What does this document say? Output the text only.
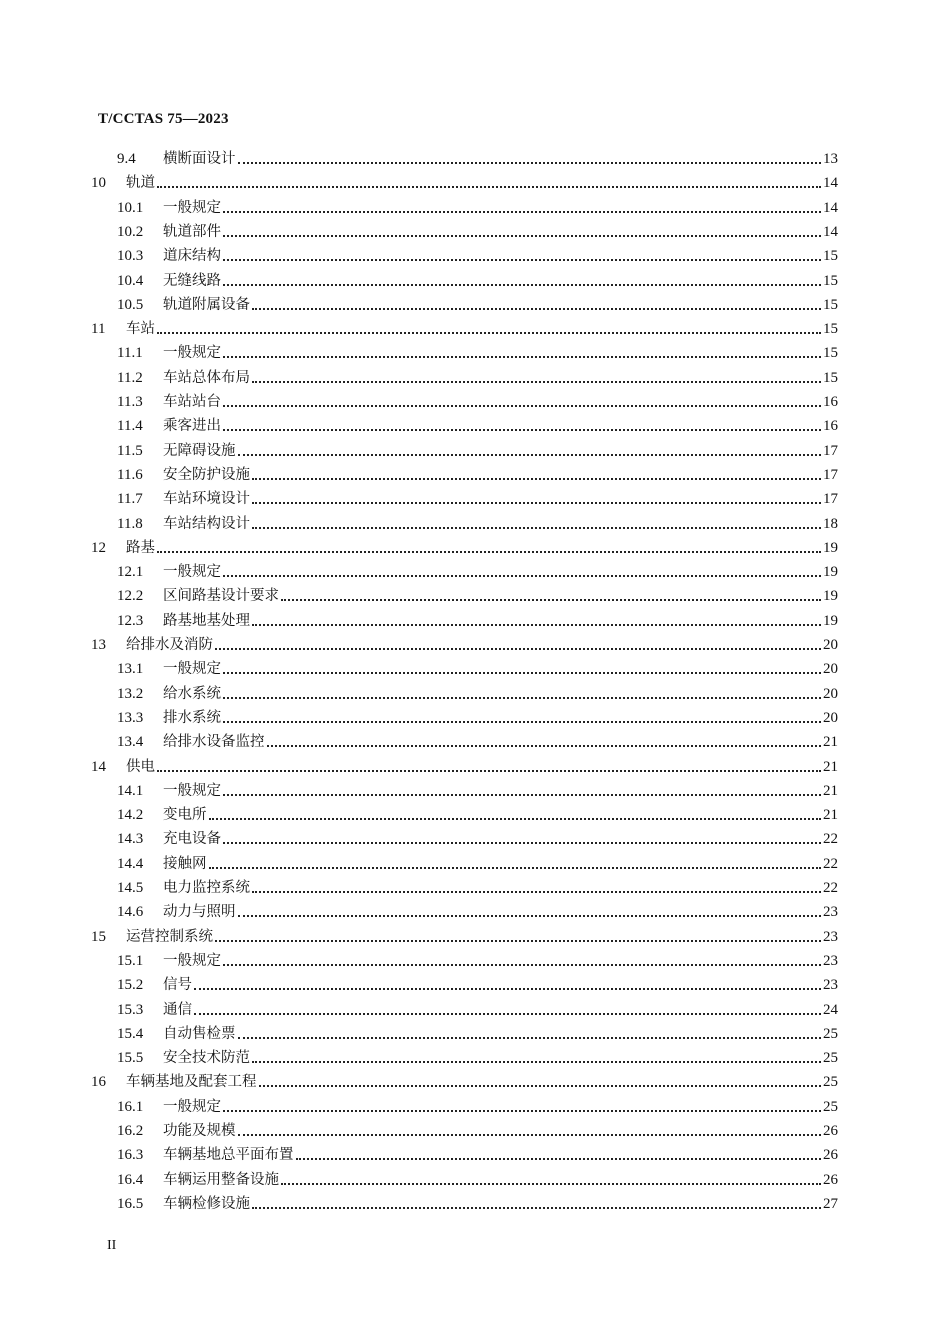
T/CCTAS 75—2023
9.4	横断面设计	13
10	轨道	14
10.1	一般规定	14
10.2	轨道部件	14
10.3	道床结构	15
10.4	无缝线路	15
10.5	轨道附属设备	15
11	车站	15
11.1	一般规定	15
11.2	车站总体布局	15
11.3	车站站台	16
11.4	乘客进出	16
11.5	无障碍设施	17
11.6	安全防护设施	17
11.7	车站环境设计	17
11.8	车站结构设计	18
12	路基	19
12.1	一般规定	19
12.2	区间路基设计要求	19
12.3	路基地基处理	19
13	给排水及消防	20
13.1	一般规定	20
13.2	给水系统	20
13.3	排水系统	20
13.4	给排水设备监控	21
14	供电	21
14.1	一般规定	21
14.2	变电所	21
14.3	充电设备	22
14.4	接触网	22
14.5	电力监控系统	22
14.6	动力与照明	23
15	运营控制系统	23
15.1	一般规定	23
15.2	信号	23
15.3	通信	24
15.4	自动售检票	25
15.5	安全技术防范	25
16	车辆基地及配套工程	25
16.1	一般规定	25
16.2	功能及规模	26
16.3	车辆基地总平面布置	26
16.4	车辆运用整备设施	26
16.5	车辆检修设施	27
II
